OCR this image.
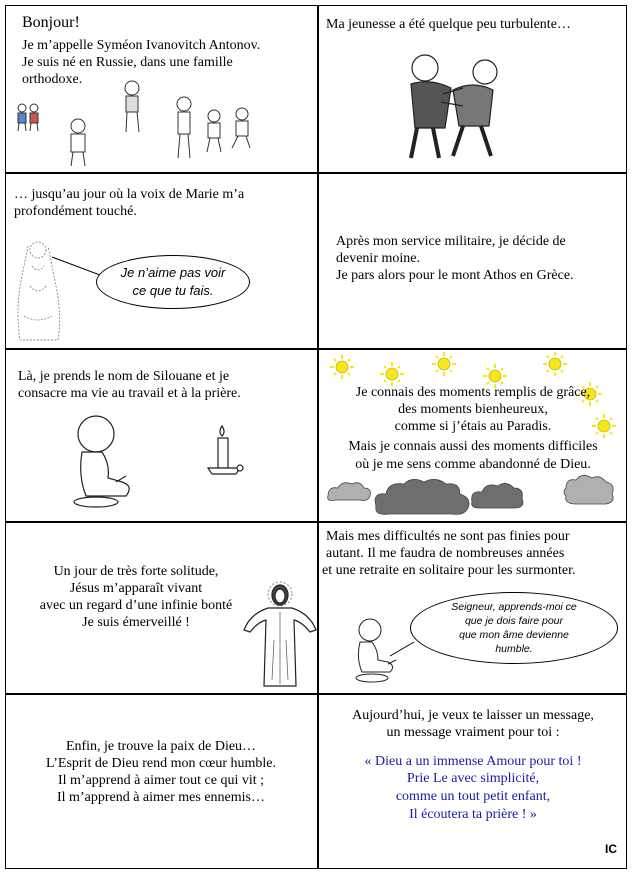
Bonjour!
Je m’appelle Syméon Ivanovitch Antonov.
Je suis né en Russie, dans une famille
orthodoxe.
Ma jeunesse a été quelque peu turbulente…
… jusqu’au jour où la voix de Marie m’a
profondément touché.
Je n’aime pas voir
ce que tu fais.
Après mon service militaire, je décide de
devenir moine.
Je pars alors pour le mont Athos en Grèce.
Là, je prends le nom de Silouane et je
consacre ma vie au travail et à la prière.	Je connais des moments remplis de grâce,
des moments bienheureux,
comme si j’étais au Paradis.
Mais je connais aussi des moments difficiles
où je me sens comme abandonné de Dieu.
Un jour de très forte solitude,
Jésus m’apparaît vivant
avec un regard d’une infinie bonté
Je suis émerveillé !
Mais mes difficultés ne sont pas finies pour
autant. Il me faudra de nombreuses années
et une retraite en solitaire pour les surmonter.
Seigneur, apprends-moi ce
que je dois faire pour
que mon âme devienne
humble.
Enfin, je trouve la paix de Dieu…
L’Esprit de Dieu rend mon cœur humble.
Il m’apprend à aimer tout ce qui vit ;
Il m’apprend à aimer mes ennemis…
Aujourd’hui, je veux te laisser un message,
un message vraiment pour toi :
« Dieu a un immense Amour pour toi !
Prie Le avec simplicité,
comme un tout petit enfant,
Il écoutera ta prière ! »
IC
